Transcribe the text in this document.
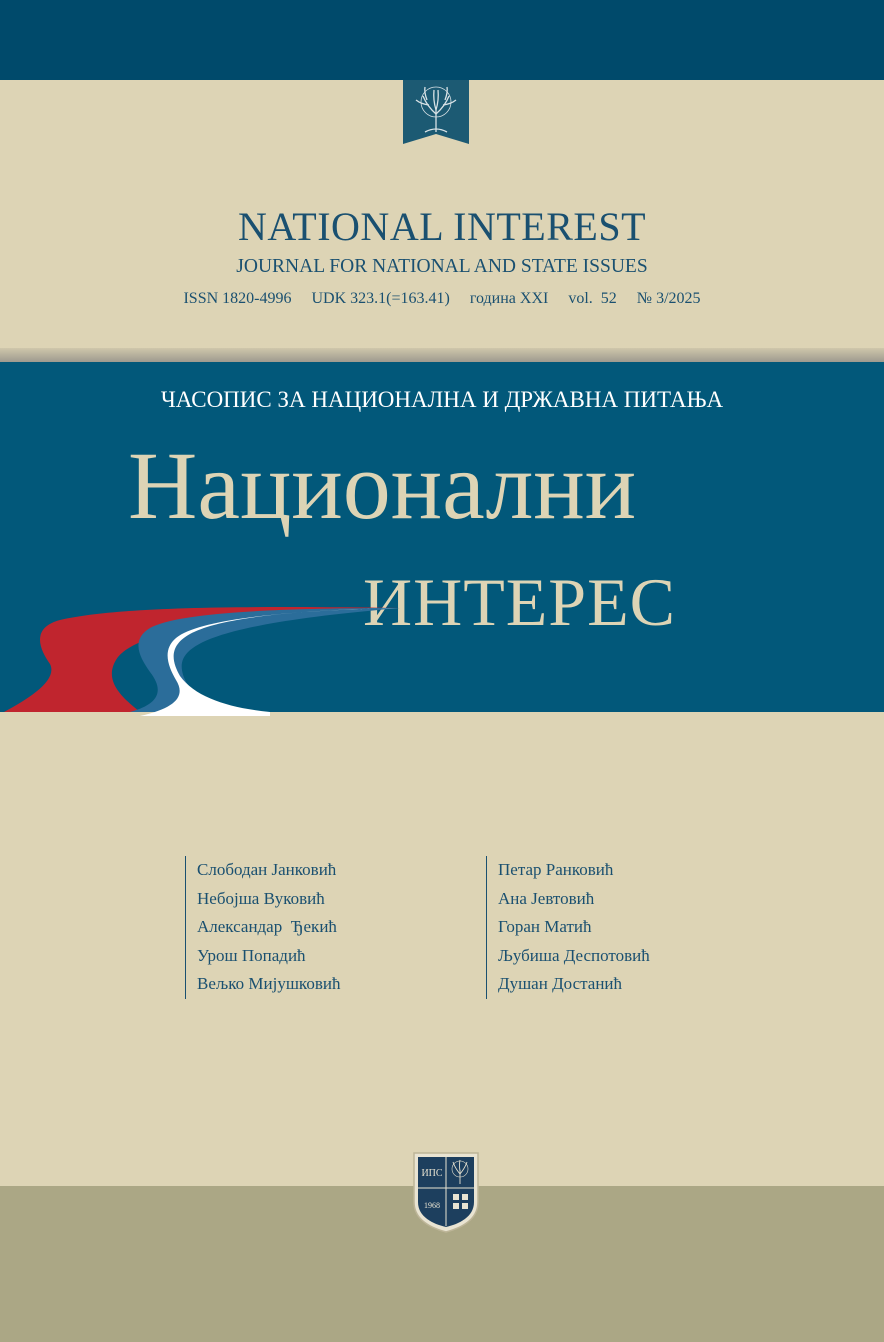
NATIONAL INTEREST
JOURNAL FOR NATIONAL AND STATE ISSUES
ISSN 1820-4996 UDK 323.1(=163.41) година XXI vol.  52 № 3/2025
ЧАСОПИС ЗА НАЦИОНАЛНА И ДРЖАВНА ПИТАЊА
Национални
ИНТЕРЕС
Слободан Јанковић
Небојша Вуковић
Александар  Ђекић
Урош Попадић
Вељко Мијушковић
Петар Ранковић
Ана Јевтовић
Горан Матић
Љубиша Деспотовић
Душан Достанић
ИПС
1968
